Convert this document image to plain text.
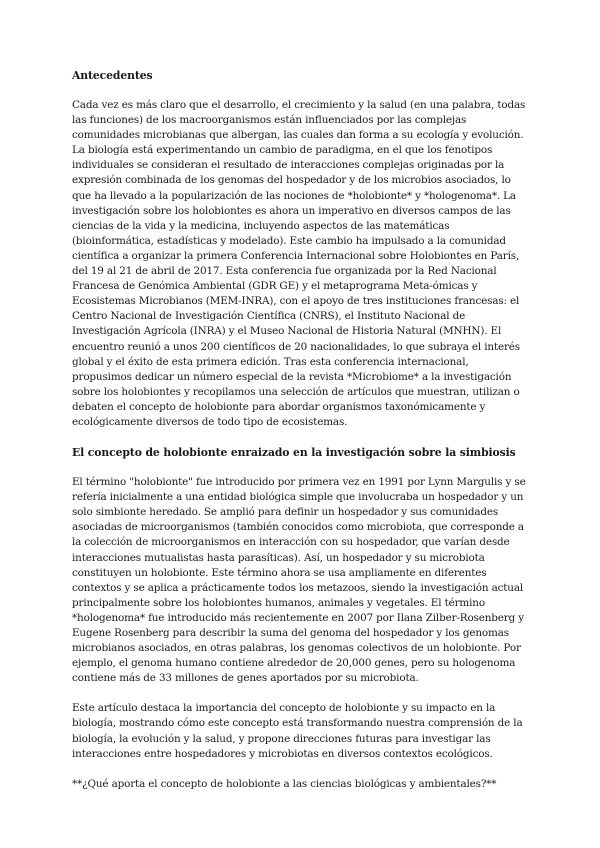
Antecedentes

Cada vez es más claro que el desarrollo, el crecimiento y la salud (en una palabra, todas las funciones) de los macroorganismos están influenciados por las complejas comunidades microbianas que albergan, las cuales dan forma a su ecología y evolución. La biología está experimentando un cambio de paradigma, en el que los fenotipos individuales se consideran el resultado de interacciones complejas originadas por la expresión combinada de los genomas del hospedador y de los microbios asociados, lo que ha llevado a la popularización de las nociones de *holobionte* y *hologenoma*. La investigación sobre los holobiontes es ahora un imperativo en diversos campos de las ciencias de la vida y la medicina, incluyendo aspectos de las matemáticas (bioinformática, estadísticas y modelado). Este cambio ha impulsado a la comunidad científica a organizar la primera Conferencia Internacional sobre Holobiontes en París, del 19 al 21 de abril de 2017. Esta conferencia fue organizada por la Red Nacional Francesa de Genómica Ambiental (GDR GE) y el metaprograma Meta-ómicas y Ecosistemas Microbianos (MEM-INRA), con el apoyo de tres instituciones francesas: el Centro Nacional de Investigación Científica (CNRS), el Instituto Nacional de Investigación Agrícola (INRA) y el Museo Nacional de Historia Natural (MNHN). El encuentro reunió a unos 200 científicos de 20 nacionalidades, lo que subraya el interés global y el éxito de esta primera edición. Tras esta conferencia internacional, propusimos dedicar un número especial de la revista *Microbiome* a la investigación sobre los holobiontes y recopilamos una selección de artículos que muestran, utilizan o debaten el concepto de holobionte para abordar organismos taxonómicamente y ecológicamente diversos de todo tipo de ecosistemas.

El concepto de holobionte enraizado en la investigación sobre la simbiosis

El término "holobionte" fue introducido por primera vez en 1991 por Lynn Margulis y se refería inicialmente a una entidad biológica simple que involucraba un hospedador y un solo simbionte heredado. Se amplió para definir un hospedador y sus comunidades asociadas de microorganismos (también conocidos como microbiota, que corresponde a la colección de microorganismos en interacción con su hospedador, que varían desde interacciones mutualistas hasta parasíticas). Así, un hospedador y su microbiota constituyen un holobionte. Este término ahora se usa ampliamente en diferentes contextos y se aplica a prácticamente todos los metazoos, siendo la investigación actual principalmente sobre los holobiontes humanos, animales y vegetales. El término *hologenoma* fue introducido más recientemente en 2007 por Ilana Zilber-Rosenberg y Eugene Rosenberg para describir la suma del genoma del hospedador y los genomas microbianos asociados, en otras palabras, los genomas colectivos de un holobionte. Por ejemplo, el genoma humano contiene alrededor de 20,000 genes, pero su hologenoma contiene más de 33 millones de genes aportados por su microbiota.

Este artículo destaca la importancia del concepto de holobionte y su impacto en la biología, mostrando cómo este concepto está transformando nuestra comprensión de la biología, la evolución y la salud, y propone direcciones futuras para investigar las interacciones entre hospedadores y microbiotas en diversos contextos ecológicos.

**¿Qué aporta el concepto de holobionte a las ciencias biológicas y ambientales?**
